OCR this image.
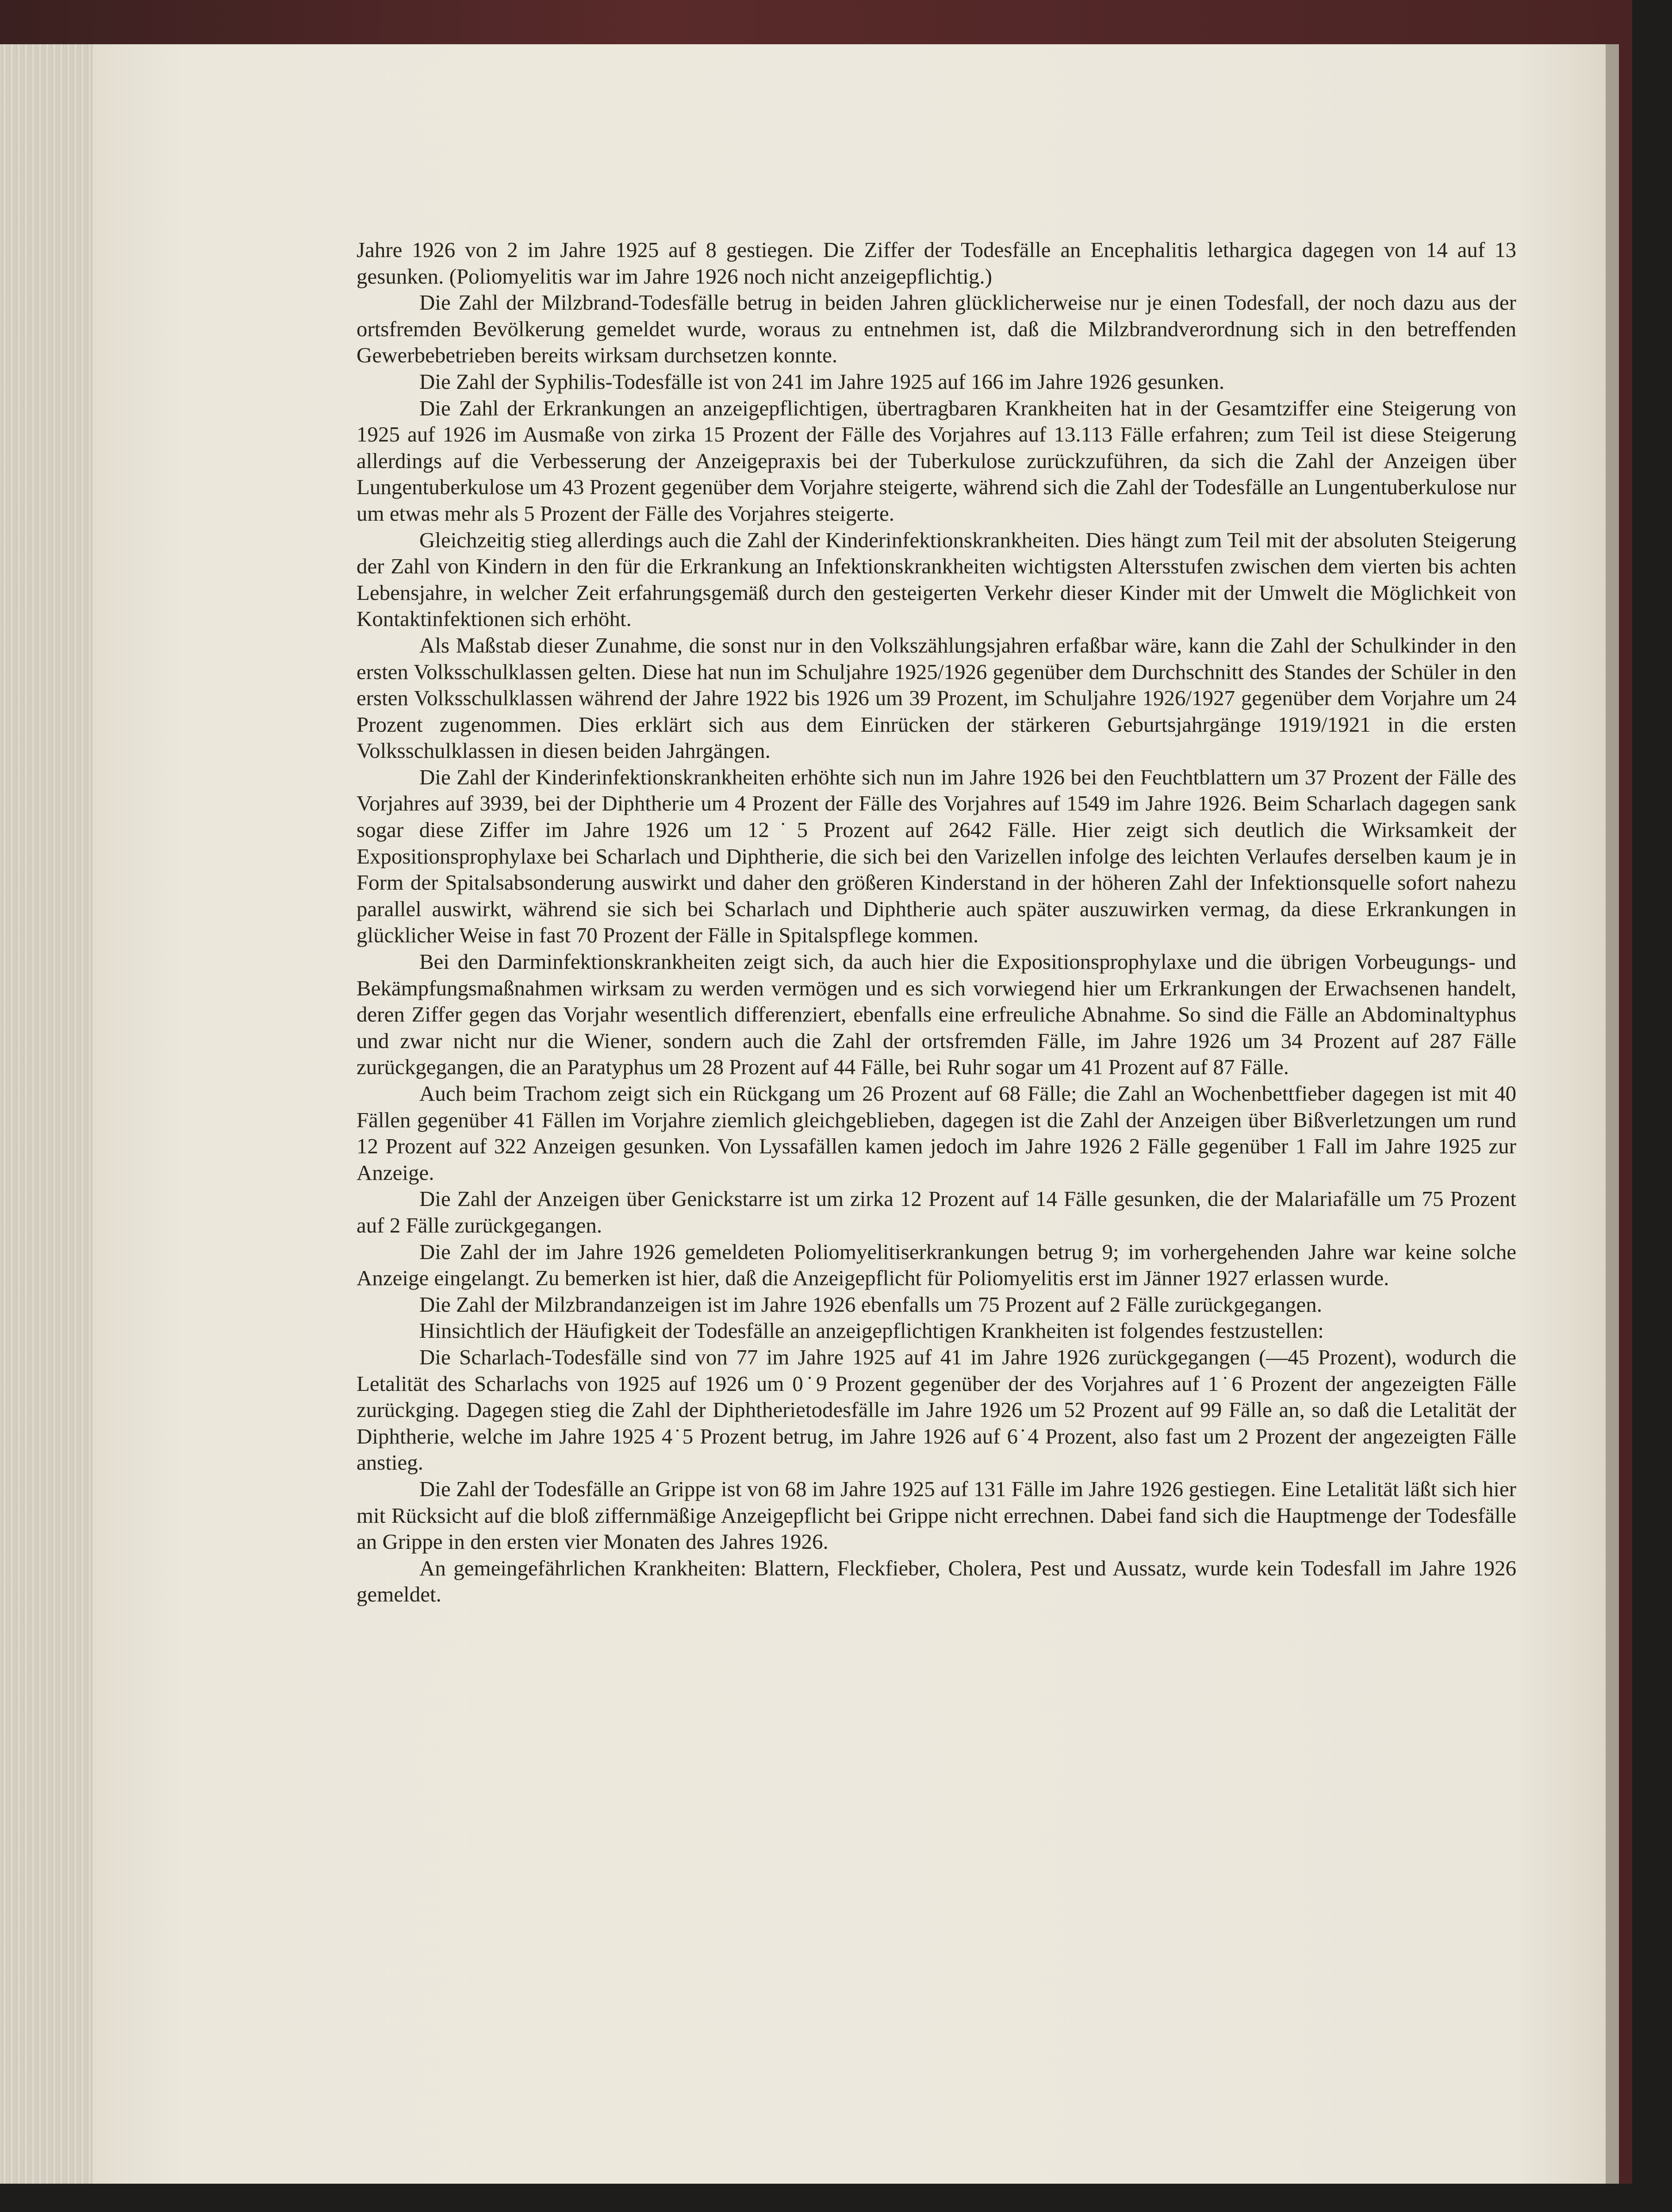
Jahre 1926 von 2 im Jahre 1925 auf 8 gestiegen. Die Ziffer der Todesfälle an Encephalitis lethargica dagegen von 14 auf 13 gesunken. (Poliomyelitis war im Jahre 1926 noch nicht anzeigepflichtig.)

Die Zahl der Milzbrand-Todesfälle betrug in beiden Jahren glücklicherweise nur je einen Todesfall, der noch dazu aus der ortsfremden Bevölkerung gemeldet wurde, woraus zu entnehmen ist, daß die Milzbrandverordnung sich in den betreffenden Gewerbebetrieben bereits wirksam durchsetzen konnte.

Die Zahl der Syphilis-Todesfälle ist von 241 im Jahre 1925 auf 166 im Jahre 1926 gesunken.

Die Zahl der Erkrankungen an anzeigepflichtigen, übertragbaren Krankheiten hat in der Gesamtziffer eine Steigerung von 1925 auf 1926 im Ausmaße von zirka 15 Prozent der Fälle des Vorjahres auf 13.113 Fälle erfahren; zum Teil ist diese Steigerung allerdings auf die Verbesserung der Anzeigepraxis bei der Tuberkulose zurückzuführen, da sich die Zahl der Anzeigen über Lungentuberkulose um 43 Prozent gegenüber dem Vorjahre steigerte, während sich die Zahl der Todesfälle an Lungentuberkulose nur um etwas mehr als 5 Prozent der Fälle des Vorjahres steigerte.

Gleichzeitig stieg allerdings auch die Zahl der Kinderinfektionskrankheiten. Dies hängt zum Teil mit der absoluten Steigerung der Zahl von Kindern in den für die Erkrankung an Infektionskrankheiten wichtigsten Altersstufen zwischen dem vierten bis achten Lebensjahre, in welcher Zeit erfahrungsgemäß durch den gesteigerten Verkehr dieser Kinder mit der Umwelt die Möglichkeit von Kontaktinfektionen sich erhöht.

Als Maßstab dieser Zunahme, die sonst nur in den Volkszählungsjahren erfaßbar wäre, kann die Zahl der Schulkinder in den ersten Volksschulklassen gelten. Diese hat nun im Schuljahre 1925/1926 gegenüber dem Durchschnitt des Standes der Schüler in den ersten Volksschulklassen während der Jahre 1922 bis 1926 um 39 Prozent, im Schuljahre 1926/1927 gegenüber dem Vorjahre um 24 Prozent zugenommen. Dies erklärt sich aus dem Einrücken der stärkeren Geburtsjahrgänge 1919/1921 in die ersten Volksschulklassen in diesen beiden Jahrgängen.

Die Zahl der Kinderinfektionskrankheiten erhöhte sich nun im Jahre 1926 bei den Feuchtblattern um 37 Prozent der Fälle des Vorjahres auf 3939, bei der Diphtherie um 4 Prozent der Fälle des Vorjahres auf 1549 im Jahre 1926. Beim Scharlach dagegen sank sogar diese Ziffer im Jahre 1926 um 12˙5 Prozent auf 2642 Fälle. Hier zeigt sich deutlich die Wirksamkeit der Expositionsprophylaxe bei Scharlach und Diphtherie, die sich bei den Varizellen infolge des leichten Verlaufes derselben kaum je in Form der Spitalsabsonderung auswirkt und daher den größeren Kinderstand in der höheren Zahl der Infektionsquelle sofort nahezu parallel auswirkt, während sie sich bei Scharlach und Diphtherie auch später auszuwirken vermag, da diese Erkrankungen in glücklicher Weise in fast 70 Prozent der Fälle in Spitalspflege kommen.

Bei den Darminfektionskrankheiten zeigt sich, da auch hier die Expositionsprophylaxe und die übrigen Vorbeugungs- und Bekämpfungsmaßnahmen wirksam zu werden vermögen und es sich vorwiegend hier um Erkrankungen der Erwachsenen handelt, deren Ziffer gegen das Vorjahr wesentlich differenziert, ebenfalls eine erfreuliche Abnahme. So sind die Fälle an Abdominaltyphus und zwar nicht nur die Wiener, sondern auch die Zahl der ortsfremden Fälle, im Jahre 1926 um 34 Prozent auf 287 Fälle zurückgegangen, die an Paratyphus um 28 Prozent auf 44 Fälle, bei Ruhr sogar um 41 Prozent auf 87 Fälle.

Auch beim Trachom zeigt sich ein Rückgang um 26 Prozent auf 68 Fälle; die Zahl an Wochenbettfieber dagegen ist mit 40 Fällen gegenüber 41 Fällen im Vorjahre ziemlich gleichgeblieben, dagegen ist die Zahl der Anzeigen über Bißverletzungen um rund 12 Prozent auf 322 Anzeigen gesunken. Von Lyssafällen kamen jedoch im Jahre 1926 2 Fälle gegenüber 1 Fall im Jahre 1925 zur Anzeige.

Die Zahl der Anzeigen über Genickstarre ist um zirka 12 Prozent auf 14 Fälle gesunken, die der Malariafälle um 75 Prozent auf 2 Fälle zurückgegangen.

Die Zahl der im Jahre 1926 gemeldeten Poliomyelitiserkrankungen betrug 9; im vorhergehenden Jahre war keine solche Anzeige eingelangt. Zu bemerken ist hier, daß die Anzeigepflicht für Poliomyelitis erst im Jänner 1927 erlassen wurde.

Die Zahl der Milzbrandanzeigen ist im Jahre 1926 ebenfalls um 75 Prozent auf 2 Fälle zurückgegangen.

Hinsichtlich der Häufigkeit der Todesfälle an anzeigepflichtigen Krankheiten ist folgendes festzustellen:

Die Scharlach-Todesfälle sind von 77 im Jahre 1925 auf 41 im Jahre 1926 zurückgegangen (—45 Prozent), wodurch die Letalität des Scharlachs von 1925 auf 1926 um 0˙9 Prozent gegenüber der des Vorjahres auf 1˙6 Prozent der angezeigten Fälle zurückging. Dagegen stieg die Zahl der Diphtherietodesfälle im Jahre 1926 um 52 Prozent auf 99 Fälle an, so daß die Letalität der Diphtherie, welche im Jahre 1925 4˙5 Prozent betrug, im Jahre 1926 auf 6˙4 Prozent, also fast um 2 Prozent der angezeigten Fälle anstieg.

Die Zahl der Todesfälle an Grippe ist von 68 im Jahre 1925 auf 131 Fälle im Jahre 1926 gestiegen. Eine Letalität läßt sich hier mit Rücksicht auf die bloß ziffernmäßige Anzeigepflicht bei Grippe nicht errechnen. Dabei fand sich die Hauptmenge der Todesfälle an Grippe in den ersten vier Monaten des Jahres 1926.

An gemeingefährlichen Krankheiten: Blattern, Fleckfieber, Cholera, Pest und Aussatz, wurde kein Todesfall im Jahre 1926 gemeldet.
